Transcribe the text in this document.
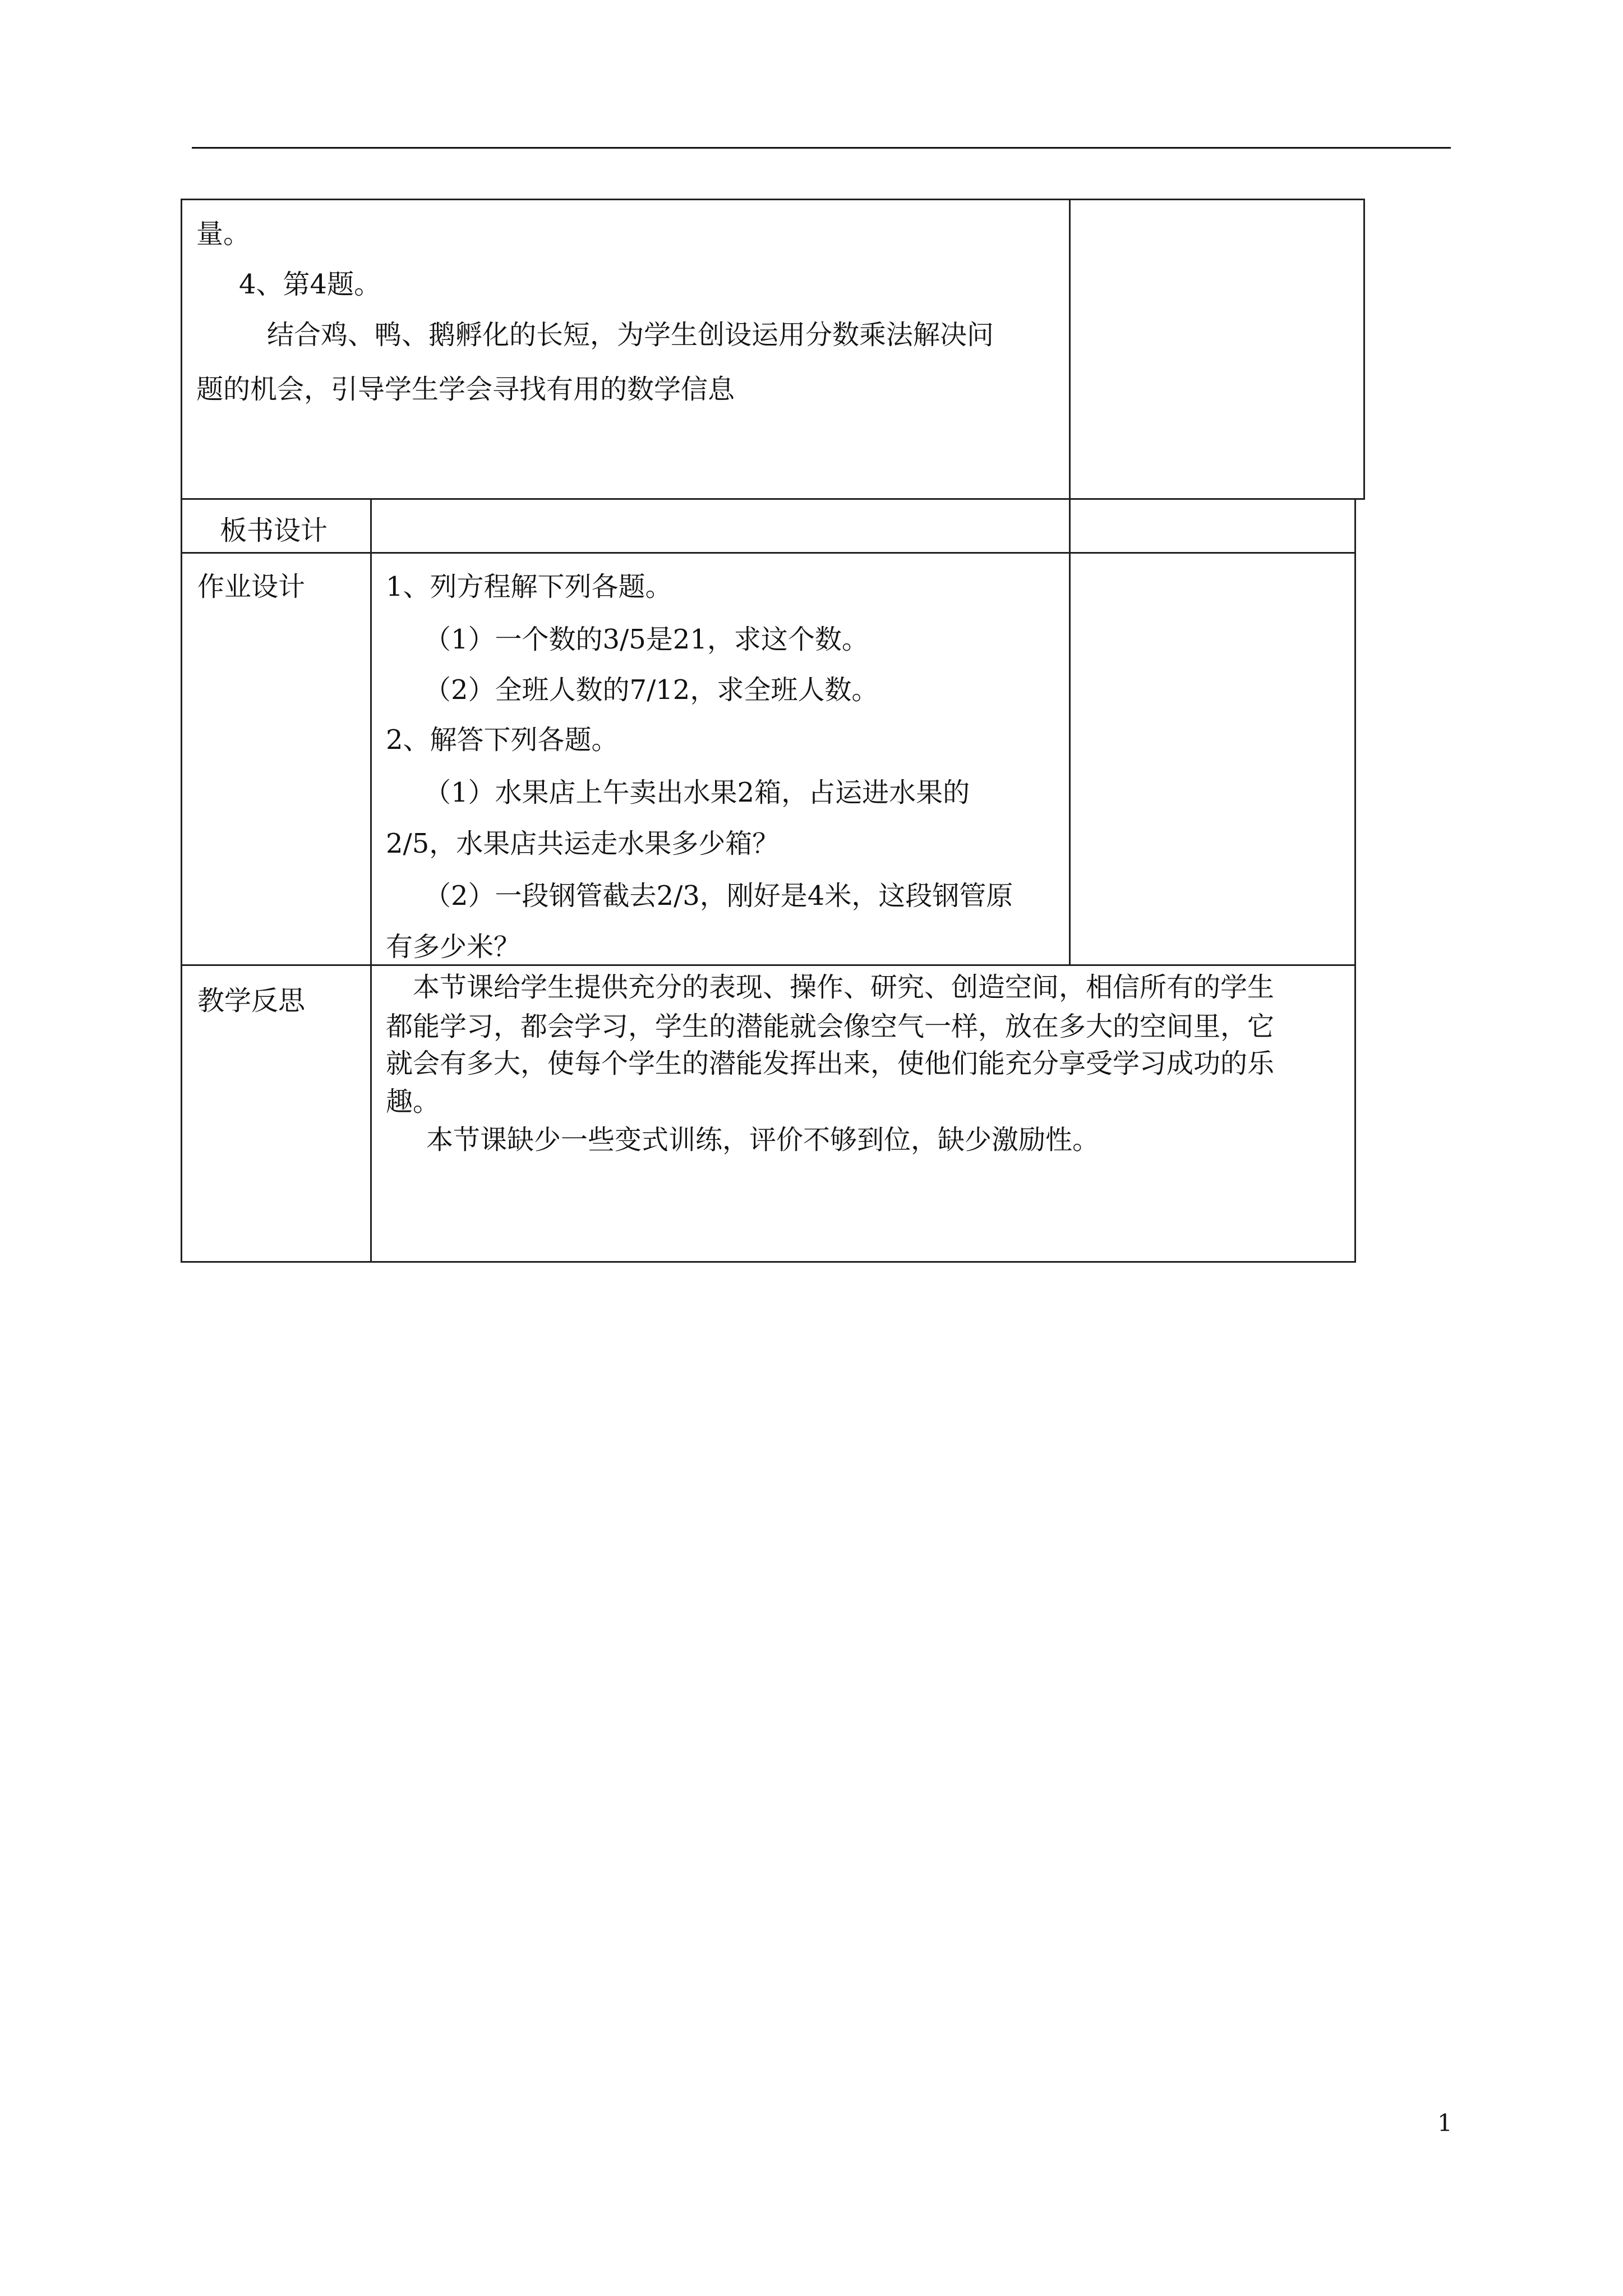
量。
4、第4题。
结合鸡、鸭、鹅孵化的长短，为学生创设运用分数乘法解决问
题的机会，引导学生学会寻找有用的数学信息
板书设计
作业设计	1、列方程解下列各题。
（1）一个数的3/5是21，求这个数。
（2）全班人数的7/12，求全班人数。
2、解答下列各题。
（1）水果店上午卖出水果2箱，占运进水果的
2/5，水果店共运走水果多少箱？
（2）一段钢管截去2/3，刚好是4米，这段钢管原
有多少米？
教学反思	本节课给学生提供充分的表现、操作、研究、创造空间，相信所有的学生
都能学习，都会学习，学生的潜能就会像空气一样，放在多大的空间里，它
就会有多大，使每个学生的潜能发挥出来，使他们能充分享受学习成功的乐
趣。
本节课缺少一些变式训练，评价不够到位，缺少激励性。
1
